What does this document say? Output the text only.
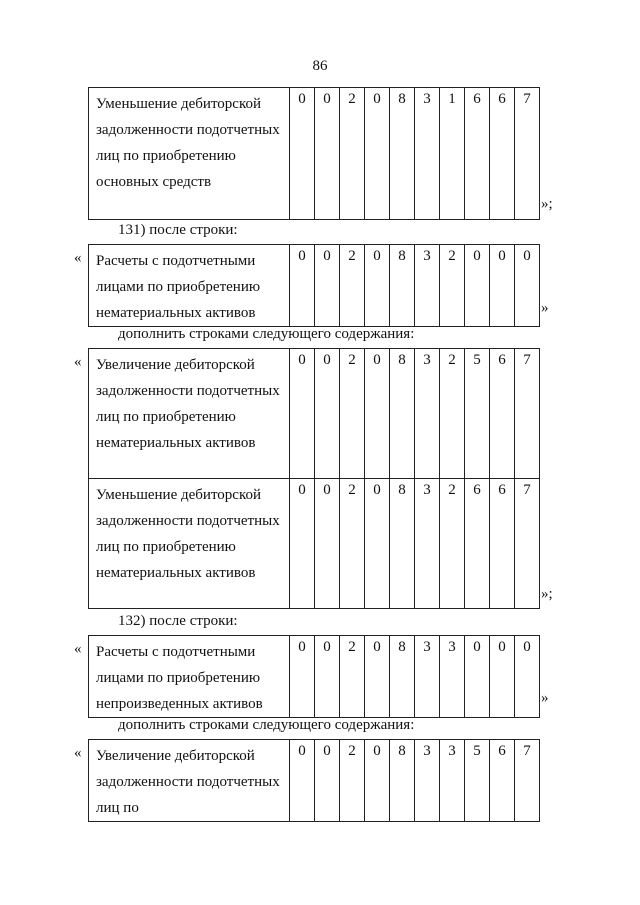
86
Уменьшение дебиторской задолженности подотчетных лиц по приобретению основных средств	0	0	2	0	8	3	1	6	6	7
»;
131) после строки:
« Расчеты с подотчетными лицами по приобретению нематериальных активов	0	0	2	0	8	3	2	0	0	0
»
дополнить строками следующего содержания:
« Увеличение дебиторской задолженности подотчетных лиц по приобретению нематериальных активов	0	0	2	0	8	3	2	5	6	7
Уменьшение дебиторской задолженности подотчетных лиц по приобретению нематериальных активов	0	0	2	0	8	3	2	6	6	7
»;
132) после строки:
« Расчеты с подотчетными лицами по приобретению непроизведенных активов	0	0	2	0	8	3	3	0	0	0
»
дополнить строками следующего содержания:
« Увеличение дебиторской задолженности подотчетных лиц по	0	0	2	0	8	3	3	5	6	7
